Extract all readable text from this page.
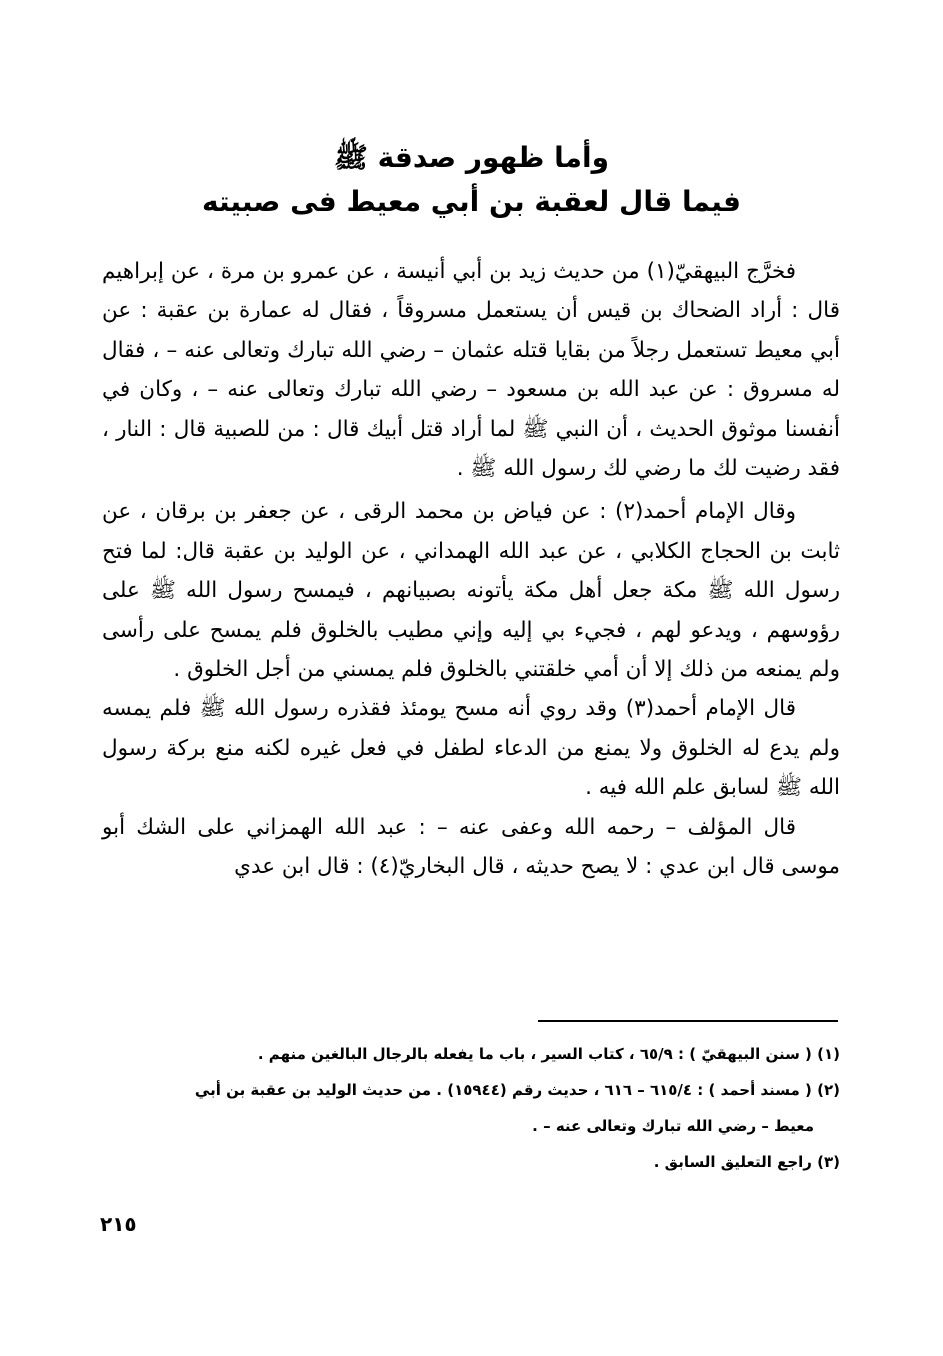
وأما ظهور صدقة ﷺ
فيما قال لعقبة بن أبي معيط فى صبيته

فخرَّج البيهقيّ(١) من حديث زيد بن أبي أنيسة ، عن عمرو بن مرة ، عن إبراهيم قال : أراد الضحاك بن قيس أن يستعمل مسروقاً ، فقال له عمارة بن عقبة : عن أبي معيط تستعمل رجلاً من بقايا قتله عثمان – رضي الله تبارك وتعالى عنه – ، فقال له مسروق : عن عبد الله بن مسعود – رضي الله تبارك وتعالى عنه – ، وكان في أنفسنا موثوق الحديث ، أن النبي ﷺ لما أراد قتل أبيك قال : من للصبية قال : النار ، فقد رضيت لك ما رضي لك رسول الله ﷺ .

وقال الإمام أحمد(٢) : عن فياض بن محمد الرقى ، عن جعفر بن برقان ، عن ثابت بن الحجاج الكلابي ، عن عبد الله الهمداني ، عن الوليد بن عقبة قال: لما فتح رسول الله ﷺ مكة جعل أهل مكة يأتونه بصبيانهم ، فيمسح رسول الله ﷺ على رؤوسهم ، ويدعو لهم ، فجيء بي إليه وإني مطيب بالخلوق فلم يمسح على رأسى ولم يمنعه من ذلك إلا أن أمي خلقتني بالخلوق فلم يمسني من أجل الخلوق .

قال الإمام أحمد(٣) وقد روي أنه مسح يومئذ فقذره رسول الله ﷺ فلم يمسه ولم يدع له الخلوق ولا يمنع من الدعاء لطفل في فعل غيره لكنه منع بركة رسول الله ﷺ لسابق علم الله فيه .

قال المؤلف – رحمه الله وعفى عنه – : عبد الله الهمزاني على الشك أبو موسى قال ابن عدي : لا يصح حديثه ، قال البخاريّ(٤) : قال ابن عدي

(١) ( سنن البيهقيّ ) : ٦٥/٩ ، كتاب السير ، باب ما يفعله بالرجال البالغين منهم .
(٢) ( مسند أحمد ) : ٦١٥/٤ – ٦١٦ ، حديث رقم (١٥٩٤٤) . من حديث الوليد بن عقبة بن أبي
معيط – رضي الله تبارك وتعالى عنه – .
(٣) راجع التعليق السابق .
٢١٥
